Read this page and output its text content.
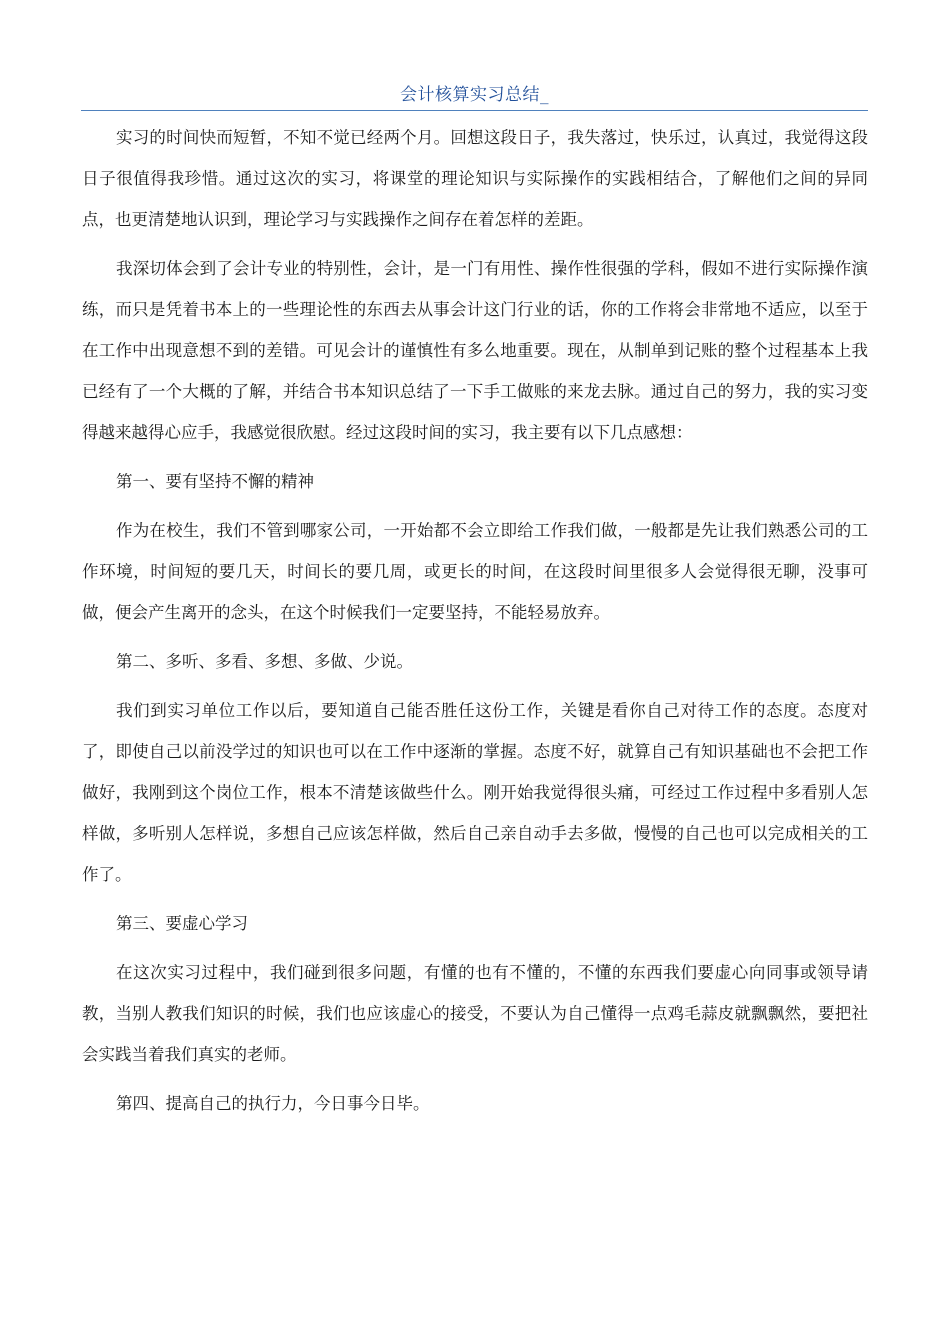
会计核算实习总结_

实习的时间快而短暂，不知不觉已经两个月。回想这段日子，我失落过，快乐过，认真过，我觉得这段日子很值得我珍惜。通过这次的实习，将课堂的理论知识与实际操作的实践相结合，了解他们之间的异同点，也更清楚地认识到，理论学习与实践操作之间存在着怎样的差距。

我深切体会到了会计专业的特别性，会计，是一门有用性、操作性很强的学科，假如不进行实际操作演练，而只是凭着书本上的一些理论性的东西去从事会计这门行业的话，你的工作将会非常地不适应，以至于在工作中出现意想不到的差错。可见会计的谨慎性有多么地重要。现在，从制单到记账的整个过程基本上我已经有了一个大概的了解，并结合书本知识总结了一下手工做账的来龙去脉。通过自己的努力，我的实习变得越来越得心应手，我感觉很欣慰。经过这段时间的实习，我主要有以下几点感想：

第一、要有坚持不懈的精神

作为在校生，我们不管到哪家公司，一开始都不会立即给工作我们做，一般都是先让我们熟悉公司的工作环境，时间短的要几天，时间长的要几周，或更长的时间，在这段时间里很多人会觉得很无聊，没事可做，便会产生离开的念头，在这个时候我们一定要坚持，不能轻易放弃。

第二、多听、多看、多想、多做、少说。

我们到实习单位工作以后，要知道自己能否胜任这份工作，关键是看你自己对待工作的态度。态度对了，即使自己以前没学过的知识也可以在工作中逐渐的掌握。态度不好，就算自己有知识基础也不会把工作做好，我刚到这个岗位工作，根本不清楚该做些什么。刚开始我觉得很头痛，可经过工作过程中多看别人怎样做，多听别人怎样说，多想自己应该怎样做，然后自己亲自动手去多做，慢慢的自己也可以完成相关的工作了。

第三、要虚心学习

在这次实习过程中，我们碰到很多问题，有懂的也有不懂的，不懂的东西我们要虚心向同事或领导请教，当别人教我们知识的时候，我们也应该虚心的接受，不要认为自己懂得一点鸡毛蒜皮就飘飘然，要把社会实践当着我们真实的老师。

第四、提高自己的执行力，今日事今日毕。
